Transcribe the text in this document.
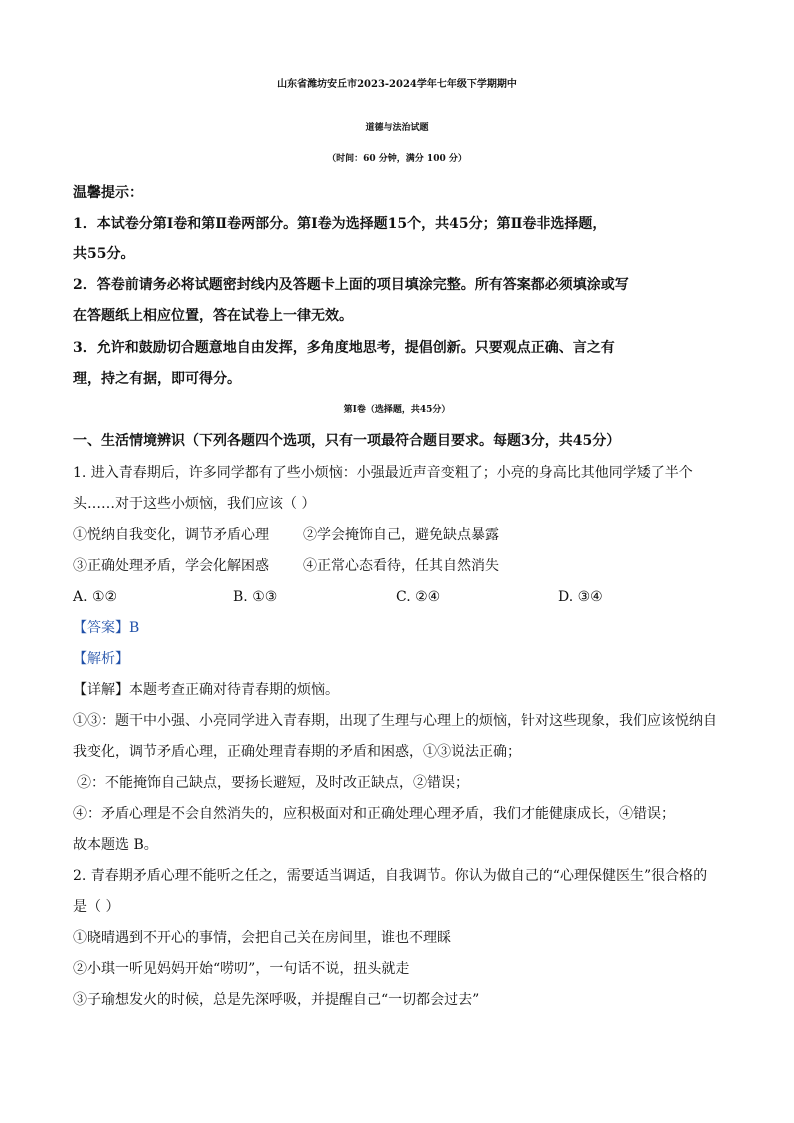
山东省潍坊安丘市2023-2024学年七年级下学期期中
道德与法治试题
（时间：60 分钟，满分 100 分）
温馨提示：
1．本试卷分第Ⅰ卷和第Ⅱ卷两部分。第Ⅰ卷为选择题15个，共45分；第Ⅱ卷非选择题，
共55分。
2．答卷前请务必将试题密封线内及答题卡上面的项目填涂完整。所有答案都必须填涂或写
在答题纸上相应位置，答在试卷上一律无效。
3．允许和鼓励切合题意地自由发挥，多角度地思考，提倡创新。只要观点正确、言之有
理，持之有据，即可得分。
第Ⅰ卷（选择题，共45分）
一、生活情境辨识（下列各题四个选项，只有一项最符合题目要求。每题3分，共45分）
1. 进入青春期后，许多同学都有了些小烦恼：小强最近声音变粗了；小亮的身高比其他同学矮了半个
头……对于这些小烦恼，我们应该（ ）
①悦纳自我变化，调节矛盾心理 ②学会掩饰自己，避免缺点暴露
③正确处理矛盾，学会化解困惑 ④正常心态看待，任其自然消失
A. ①②	B. ①③	C. ②④	D. ③④
【答案】B
【解析】
【详解】本题考查正确对待青春期的烦恼。
①③：题干中小强、小亮同学进入青春期，出现了生理与心理上的烦恼，针对这些现象，我们应该悦纳自
我变化，调节矛盾心理，正确处理青春期的矛盾和困惑，①③说法正确；
②：不能掩饰自己缺点，要扬长避短，及时改正缺点，②错误；
④：矛盾心理是不会自然消失的，应积极面对和正确处理心理矛盾，我们才能健康成长，④错误；
故本题选 B。
2. 青春期矛盾心理不能听之任之，需要适当调适，自我调节。你认为做自己的“心理保健医生”很合格的
是（ ）
①晓晴遇到不开心的事情，会把自己关在房间里，谁也不理睬
②小琪一听见妈妈开始“唠叨”，一句话不说，扭头就走
③子瑜想发火的时候，总是先深呼吸，并提醒自己“一切都会过去”
